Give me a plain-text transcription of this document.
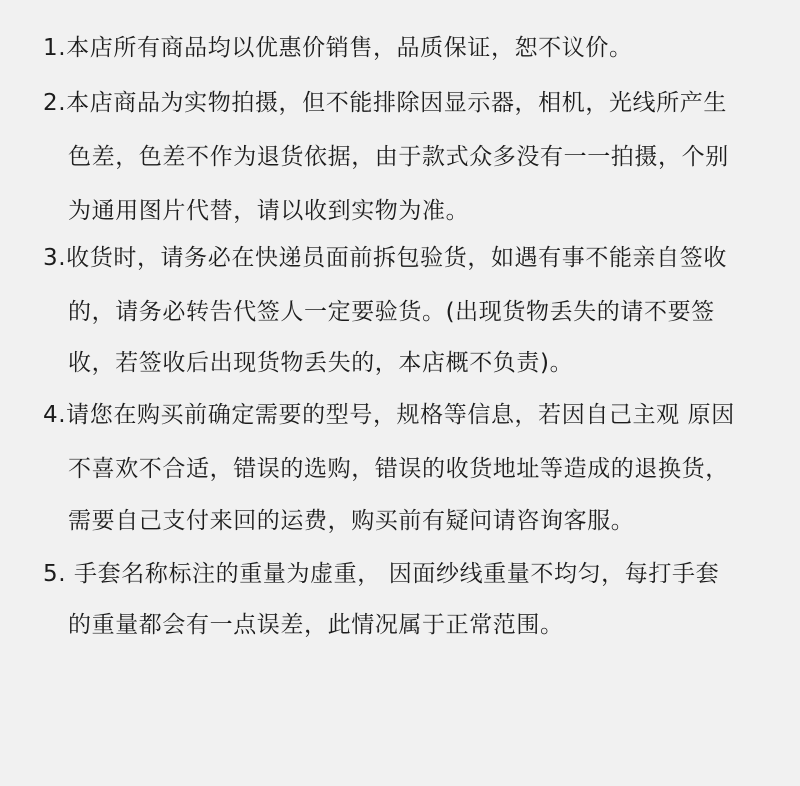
1.本店所有商品均以优惠价销售，品质保证，恕不议价。
2.本店商品为实物拍摄，但不能排除因显示器，相机，光线所产生
色差，色差不作为退货依据，由于款式众多没有一一拍摄，个别
为通用图片代替，请以收到实物为准。
3.收货时，请务必在快递员面前拆包验货，如遇有事不能亲自签收
的，请务必转告代签人一定要验货。(出现货物丢失的请不要签
收，若签收后出现货物丢失的，本店概不负责)。
4.请您在购买前确定需要的型号，规格等信息，若因自己主观 原因
不喜欢不合适，错误的选购，错误的收货地址等造成的退换货，
需要自己支付来回的运费，购买前有疑问请咨询客服。
5. 手套名称标注的重量为虚重， 因面纱线重量不均匀，每打手套
的重量都会有一点误差，此情况属于正常范围。
